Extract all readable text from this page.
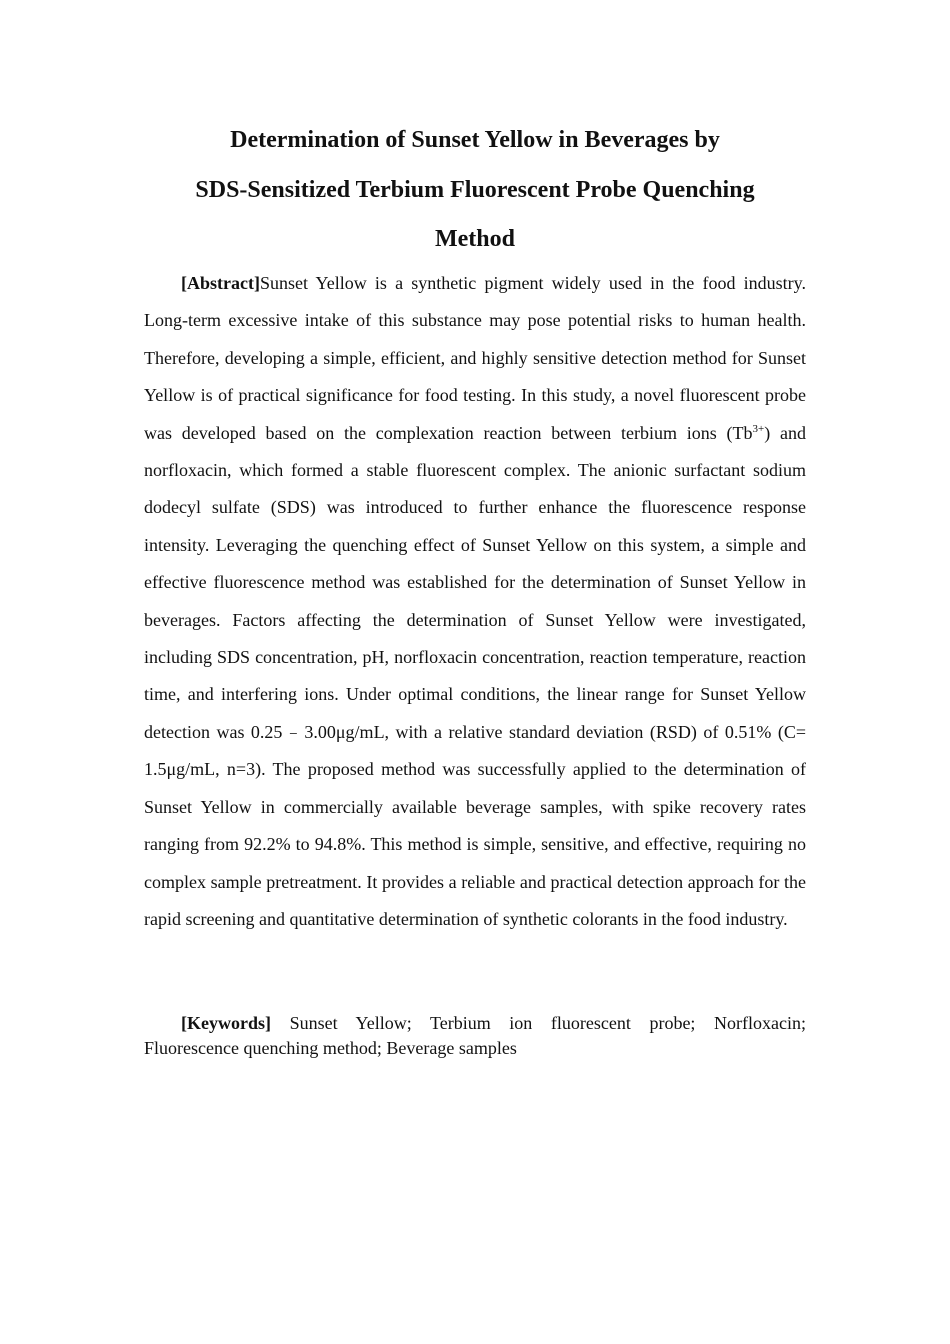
Determination of Sunset Yellow in Beverages by
SDS-Sensitized Terbium Fluorescent Probe Quenching
Method

[Abstract]Sunset Yellow is a synthetic pigment widely used in the food industry. Long-term excessive intake of this substance may pose potential risks to human health. Therefore, developing a simple, efficient, and highly sensitive detection method for Sunset Yellow is of practical significance for food testing. In this study, a novel fluorescent probe was developed based on the complexation reaction between terbium ions $(Tb^{3+})$ and norfloxacin, which formed a stable fluorescent complex. The anionic surfactant sodium dodecyl sulfate (SDS) was introduced to further enhance the fluorescence response intensity. Leveraging the quenching effect of Sunset Yellow on this system, a simple and effective fluorescence method was established for the determination of Sunset Yellow in beverages. Factors affecting the determination of Sunset Yellow were investigated, including SDS concentration, pH, norfloxacin concentration, reaction temperature, reaction time, and interfering ions. Under optimal conditions, the linear range for Sunset Yellow detection was 0.25﹣3.00μg/mL, with a relative standard deviation (RSD) of 0.51% (C= 1.5μg/mL, n=3). The proposed method was successfully applied to the determination of Sunset Yellow in commercially available beverage samples, with spike recovery rates ranging from 92.2% to 94.8%. This method is simple, sensitive, and effective, requiring no complex sample pretreatment. It provides a reliable and practical detection approach for the rapid screening and quantitative determination of synthetic colorants in the food industry.

[Keywords] Sunset Yellow; Terbium ion fluorescent probe; Norfloxacin; Fluorescence quenching method; Beverage samples
